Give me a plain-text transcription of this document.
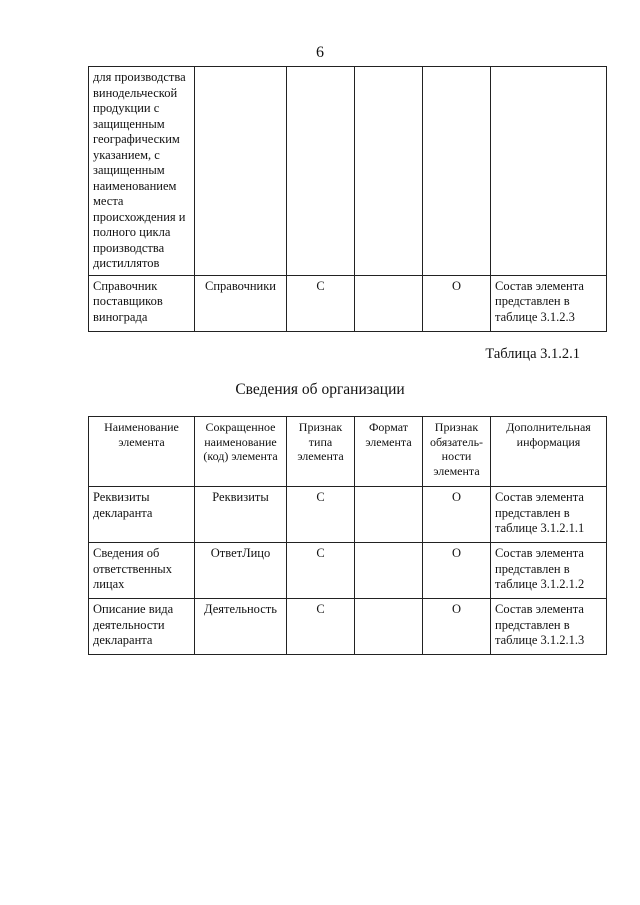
6
для производства винодельческой продукции с защищенным географическим указанием, с защищенным наименованием места происхождения и полного цикла производства дистиллятов					
Справочник поставщиков винограда	Справочники	С		О	Состав элемента представлен в таблице 3.1.2.3
Таблица 3.1.2.1
Сведения об организации
Наименование элемента	Сокращенное наименование (код) элемента	Признак типа элемента	Формат элемента	Признак обязатель-ности элемента	Дополнительная информация
Реквизиты декларанта	Реквизиты	С		О	Состав элемента представлен в таблице 3.1.2.1.1
Сведения об ответственных лицах	ОтветЛицо	С		О	Состав элемента представлен в таблице 3.1.2.1.2
Описание вида деятельности декларанта	Деятельность	С		О	Состав элемента представлен в таблице 3.1.2.1.3
